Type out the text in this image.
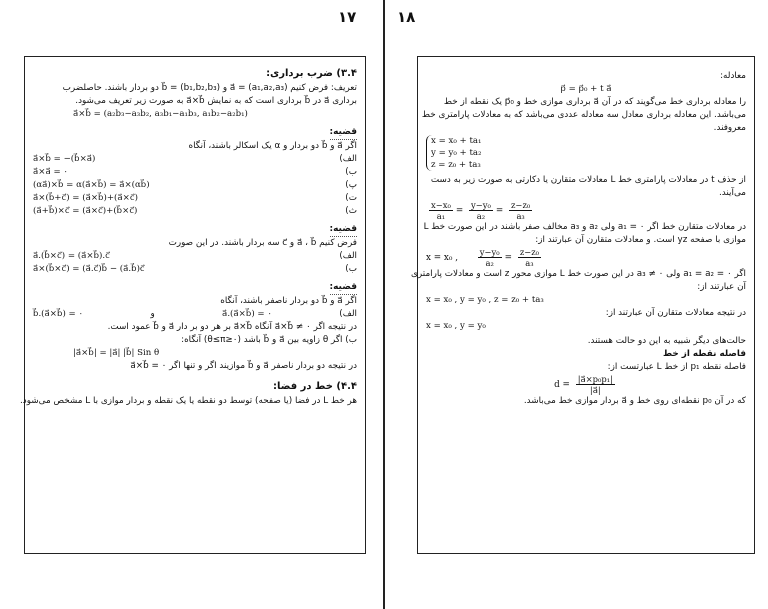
۱۷
۳.۴) ضرب برداری:
تعریف: فرض کنیم (a₁,a₂,a₃) = a⃗ و (b₁,b₂,b₃) = b⃗ دو بردار باشند. حاصلضرب
برداری a⃗ در b⃗ برداری است که به نمایش a⃗×b⃗ به صورت زیر تعریف می‌شود.
a⃗×b⃗ = (a₂b₃−a₃b₂, a₃b₁−a₁b₃, a₁b₂−a₂b₁)
قضیه:
اگر a⃗ و b⃗ دو بردار و α یک اسکالر باشند، آنگاه
a⃗×b⃗ = −(b⃗×a⃗)	الف)
a⃗×a⃗ = ۰	ب)
(αa⃗)×b⃗ = α(a⃗×b⃗) = a⃗×(αb⃗)	پ)
a⃗×(b⃗+c⃗) = (a⃗×b⃗)+(a⃗×c⃗)	ت)
(a⃗+b⃗)×c⃗ = (a⃗×c⃗)+(b⃗×c⃗)	ث)
قضیه:
فرض کنیم a⃗ ، b⃗ و c⃗ سه بردار باشند. در این صورت
a⃗.(b⃗×c⃗) = (a⃗×b⃗).c⃗	الف)
a⃗×(b⃗×c⃗) = (a⃗.c⃗)b⃗ − (a⃗.b⃗)c⃗	ب)
قضیه:
اگر a⃗ و b⃗ دو بردار ناصفر باشند، آنگاه
b⃗.(a⃗×b⃗) = ۰	و	a⃗.(a⃗×b⃗) = ۰	الف)
در نتیجه اگر a⃗×b⃗ ≠ ۰ آنگاه a⃗×b⃗ بر هر دو بر دار a⃗ و b⃗ عمود است.
ب) اگر θ زاویه بین a⃗ و b⃗ باشد (۰≤θ≤π) آنگاه:
|a⃗×b⃗| = |a⃗| |b⃗| Sin θ
در نتیجه دو بردار ناصفر a⃗ و b⃗ موازیند اگر و تنها اگر a⃗×b⃗ = ۰
۴.۴) خط در فضا:
هر خط L در فضا (یا صفحه) توسط دو نقطه یا یک نقطه و بردار موازی با L مشخص می‌شود.
۱۸
معادله:
p⃗ = p⃗₀ + t a⃗
را معادله برداری خط می‌گویند که در آن a⃗ برداری موازی خط و p⃗₀ یک نقطه از خط
می‌باشد. این معادله برداری معادل سه معادله عددی می‌باشد که به معادلات پارامتری خط
معروفند.
x = x₀ + ta₁
y = y₀ + ta₂
z = z₀ + ta₃
از حذف t در معادلات پارامتری خط L معادلات متقارن یا دکارتی به صورت زیر به دست
می‌آیند.
$\frac{\text{x−x₀}}{\text{a₁}} = \frac{\text{y−y₀}}{\text{a₂}} = \frac{\text{z−z₀}}{\text{a₃}}$
در معادلات متقارن خط اگر a₁ = ۰ ولی a₂ و a₃ مخالف صفر باشند در این صورت خط L
موازی با صفحه yz است. و معادلات متقارن آن عبارتند از:
x = x₀ , $\frac{\text{y−y₀}}{\text{a₂}} = \frac{\text{z−z₀}}{\text{a₃}}$
اگر a₁ = a₂ = ۰ ولی a₃ ≠ ۰ در این صورت خط L موازی محور z است و معادلات پارامتری
آن عبارتند از:
x = x₀ , y = y₀ , z = z₀ + ta₃
در نتیجه معادلات متقارن آن عبارتند از:
x = x₀ , y = y₀
حالت‌های دیگر شبیه به این دو حالت هستند.
فاصله نقطه از خط
فاصله نقطه p₁ از خط L عبارتست از:
$d = \frac{\text{|a⃗×p₀p₁|}}{|a⃗|}$
که در آن p₀ نقطه‌ای روی خط و a⃗ بردار موازی خط می‌باشد.
